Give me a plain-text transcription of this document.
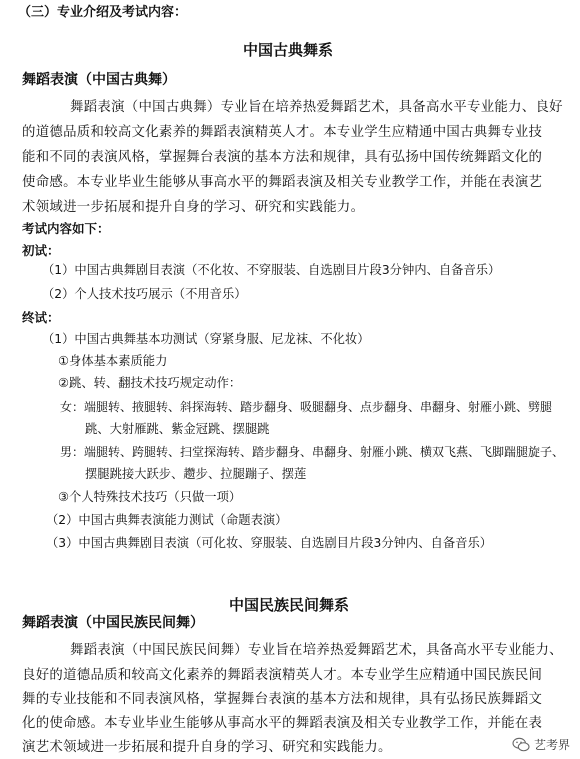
（三）专业介绍及考试内容：
中国古典舞系
舞蹈表演（中国古典舞）
舞蹈表演（中国古典舞）专业旨在培养热爱舞蹈艺术，具备高水平专业能力、良好
的道德品质和较高文化素养的舞蹈表演精英人才。本专业学生应精通中国古典舞专业技
能和不同的表演风格，掌握舞台表演的基本方法和规律，具有弘扬中国传统舞蹈文化的
使命感。本专业毕业生能够从事高水平的舞蹈表演及相关专业教学工作，并能在表演艺
术领域进一步拓展和提升自身的学习、研究和实践能力。
考试内容如下：
初试：
（1）中国古典舞剧目表演（不化妆、不穿服装、自选剧目片段3分钟内、自备音乐）
（2）个人技术技巧展示（不用音乐）
终试：
（1）中国古典舞基本功测试（穿紧身服、尼龙袜、不化妆）
①身体基本素质能力
②跳、转、翻技术技巧规定动作：
女：端腿转、掖腿转、斜探海转、踏步翻身、吸腿翻身、点步翻身、串翻身、射雁小跳、劈腿
跳、大射雁跳、紫金冠跳、摆腿跳
男：端腿转、跨腿转、扫堂探海转、踏步翻身、串翻身、射雁小跳、横双飞燕、飞脚踹腿旋子、
摆腿跳接大跃步、趱步、拉腿蹦子、摆莲
③个人特殊技术技巧（只做一项）
（2）中国古典舞表演能力测试（命题表演）
（3）中国古典舞剧目表演（可化妆、穿服装、自选剧目片段3分钟内、自备音乐）
中国民族民间舞系
舞蹈表演（中国民族民间舞）
舞蹈表演（中国民族民间舞）专业旨在培养热爱舞蹈艺术，具备高水平专业能力、
良好的道德品质和较高文化素养的舞蹈表演精英人才。本专业学生应精通中国民族民间
舞的专业技能和不同表演风格，掌握舞台表演的基本方法和规律，具有弘扬民族舞蹈文
化的使命感。本专业毕业生能够从事高水平的舞蹈表演及相关专业教学工作，并能在表
演艺术领域进一步拓展和提升自身的学习、研究和实践能力。	艺考界
